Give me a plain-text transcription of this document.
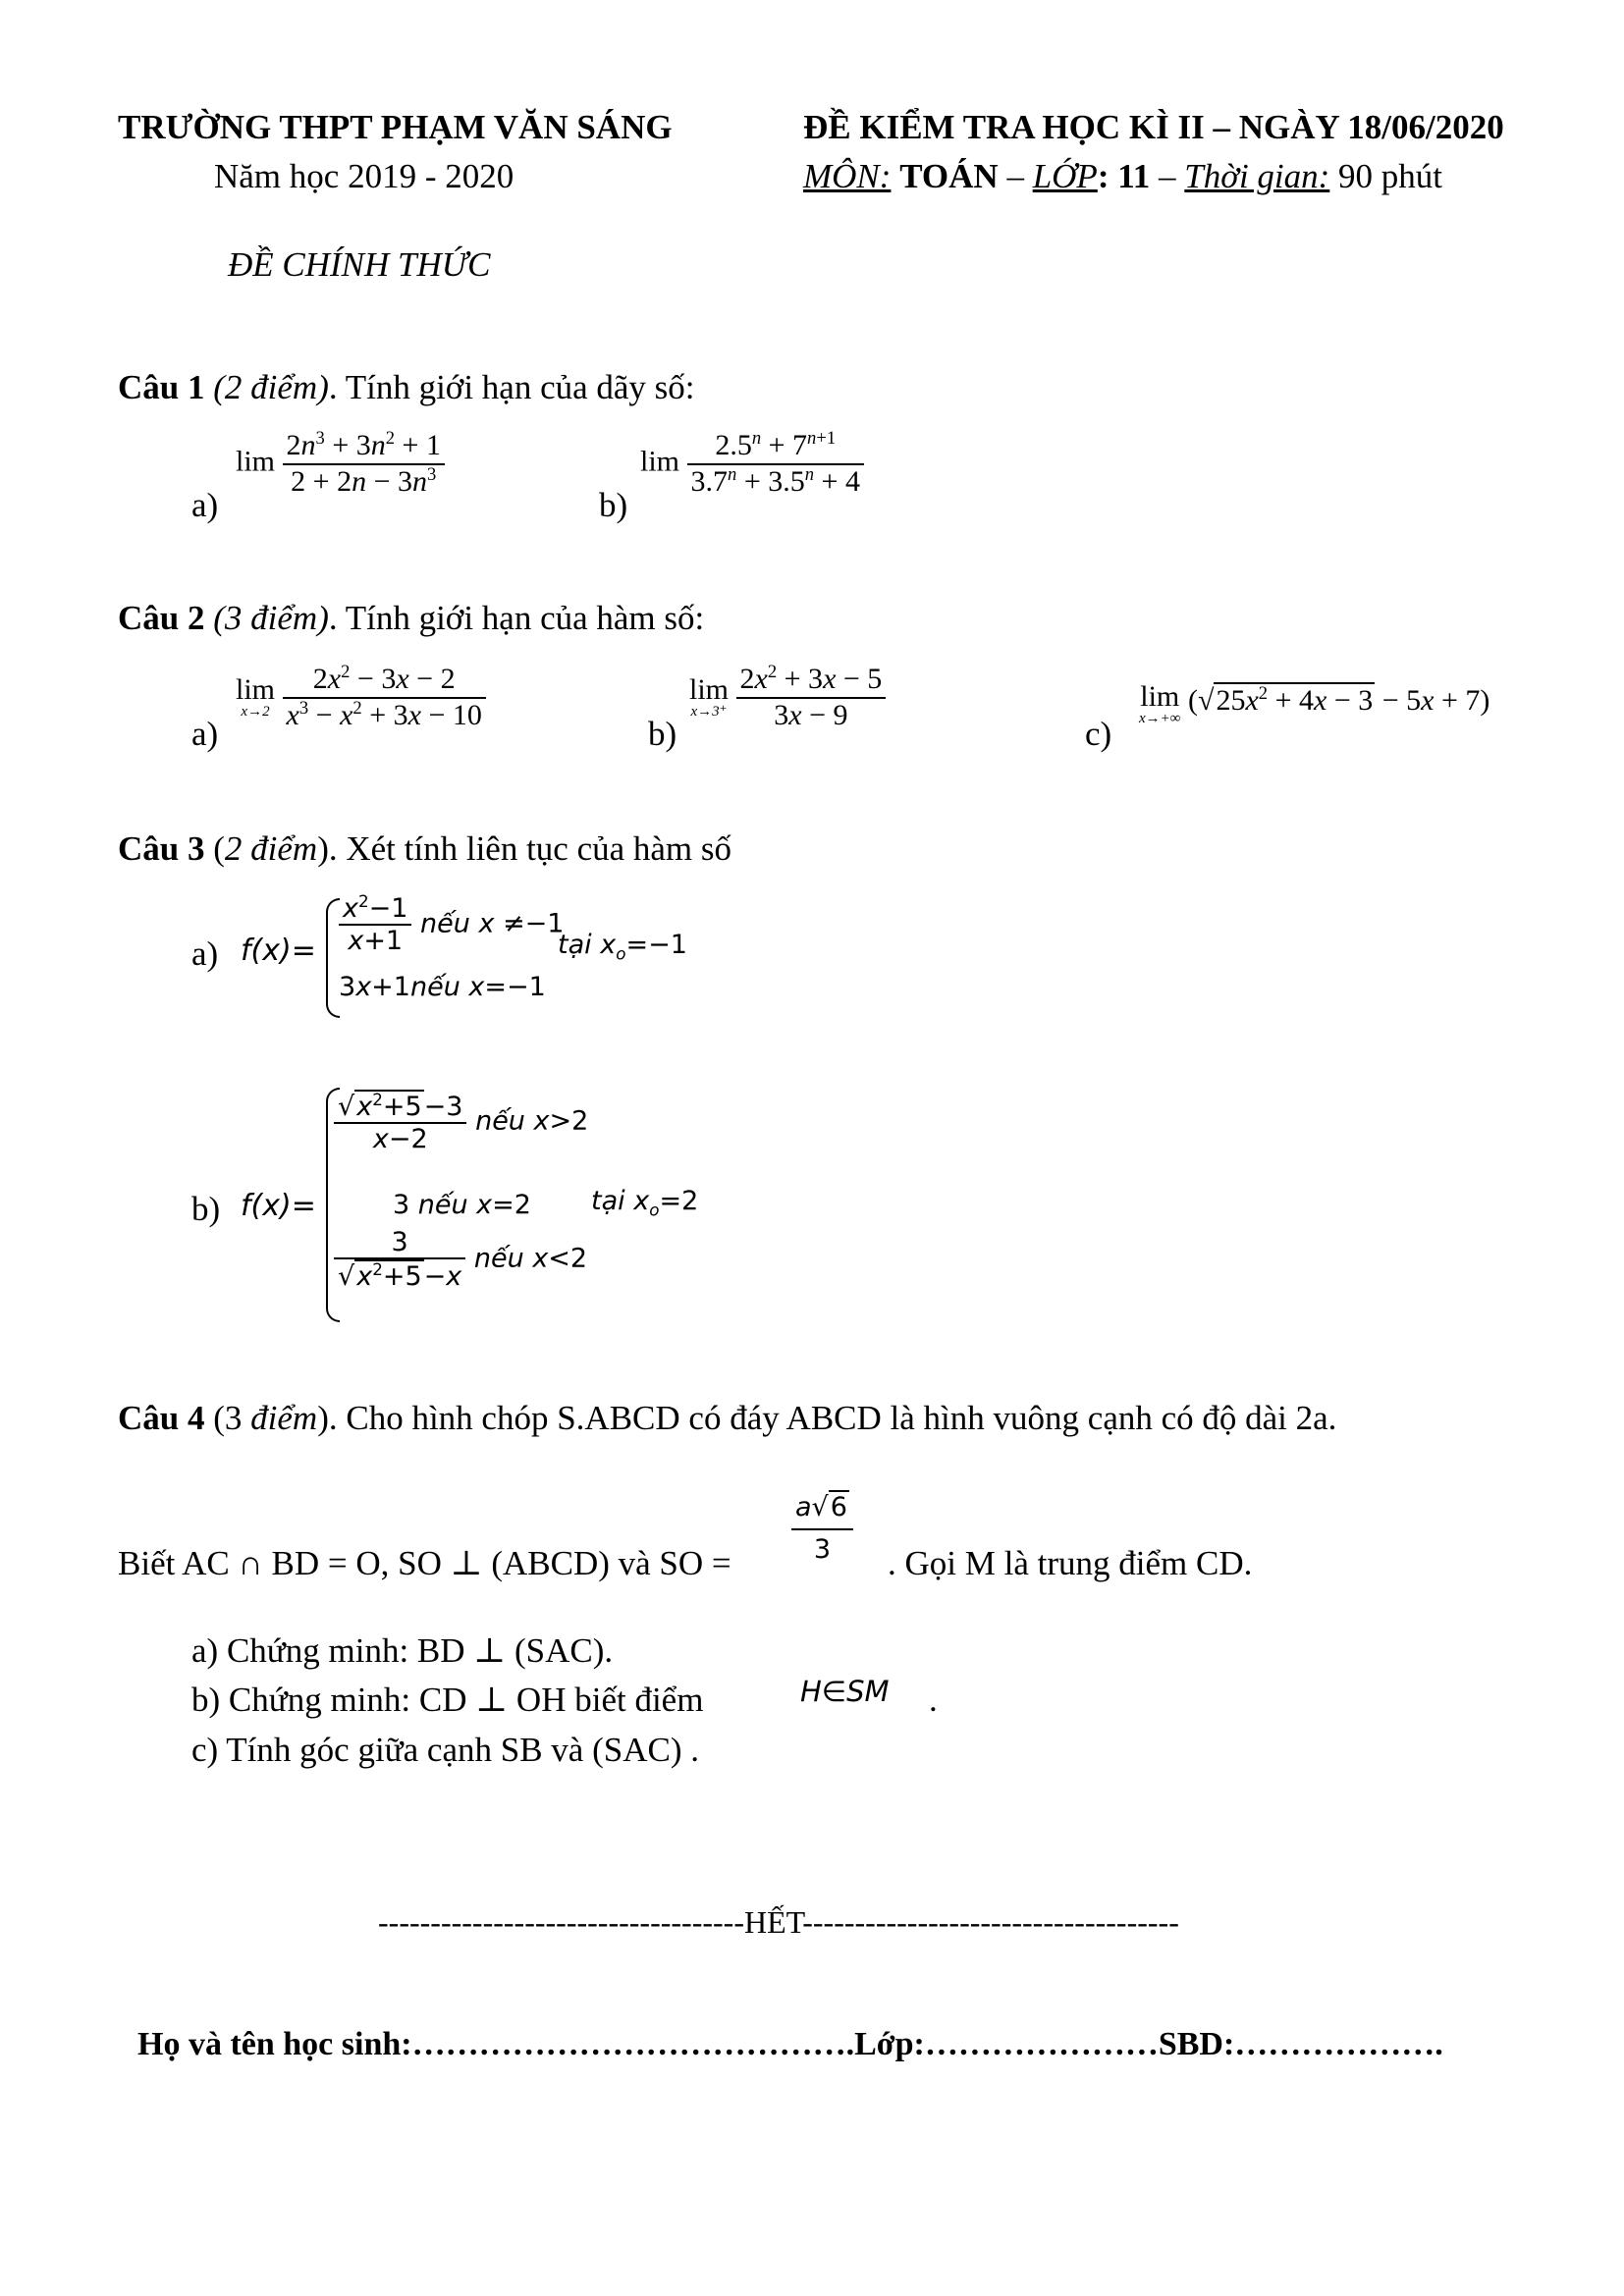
TRƯỜNG THPT PHẠM VĂN SÁNG
Năm học 2019 - 2020
ĐỀ KIỂM TRA HỌC KÌ II – NGÀY 18/06/2020
MÔN: TOÁN – LỚP: 11 – Thời gian: 90 phút
ĐỀ CHÍNH THỨC
Câu 1 (2 điểm). Tính giới hạn của dãy số:
a)
$\lim \frac{2n^3 + 3n^2 + 1}{2 + 2n - 3n^3}$
b)
$\lim \frac{2.5^n + 7^{n+1}}{3.7^n + 3.5^n + 4}$
Câu 2 (3 điểm). Tính giới hạn của hàm số:
a)
lim
x→2
$\frac{2x^2 - 3x - 2}{x^3 - x^2 + 3x - 10}$
b)
lim
x→3⁺
$\frac{2x^2 + 3x - 5}{3x - 9}$
c)
lim
x→+∞
$(√25x^2 + 4x - 3 - 5x + 7)$
Câu 3 (2 điểm). Xét tính liên tục của hàm số
a) $f(x)= \frac{x^2-1}{x+1}$ nếu x ≠−1
3x+1nếu x=−1
tại $x_o=-1$
b) f(x)=
$\frac{√x^2+5-3}{x-2}$ nếu x>2
3 nếu x=2
$\frac{3}{√x^2+5-x}$ nếu x<2
tại $x_o=2$
Câu 4 (3 điểm). Cho hình chóp S.ABCD có đáy ABCD là hình vuông cạnh có độ dài 2a.
Biết AC ∩ BD = O, SO ⊥ (ABCD) và SO = $\frac{a√6}{3}$ . Gọi M là trung điểm CD.
a) Chứng minh: BD ⊥ (SAC).
b) Chứng minh: CD ⊥ OH biết điểm	H∈SM .
c) Tính góc giữa cạnh SB và (SAC) .
-----------------------------------HẾT------------------------------------
Họ và tên học sinh:………………………………….Lớp:…………………SBD:……………….
